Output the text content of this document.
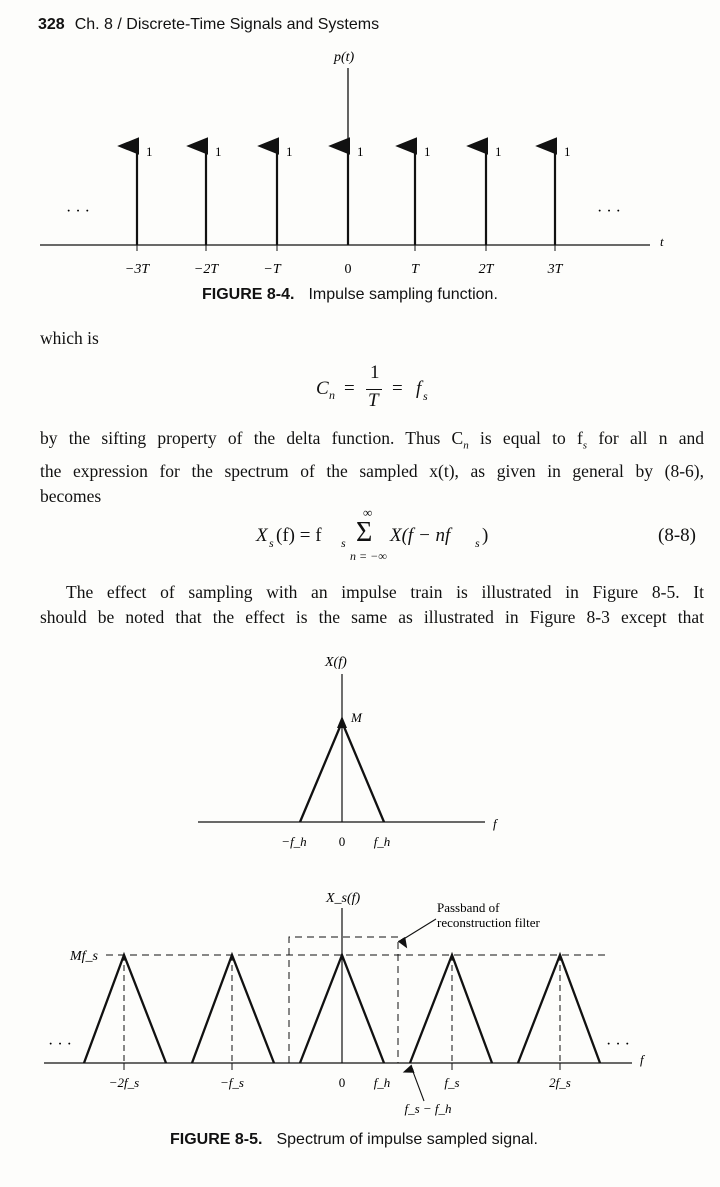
328 Ch. 8 / Discrete-Time Signals and Systems
t
p(t)
· · ·	· · ·
1	1	1	1	1	1	1
−3T	−2T	−T	0	T	2T	3T
FIGURE 8-4. Impulse sampling function.
which is
C n =
1
T
= f s
by the sifting property of the delta function. Thus $C_n$ is equal to $f_s$ for all n and
the expression for the spectrum of the sampled x(t), as given in general by (8-6),
becomes
X s (f) = f s
∞
Σ
n = −∞
X(f − nf s )	(8-8)
The effect of sampling with an impulse train is illustrated in Figure 8-5. It
should be noted that the effect is the same as illustrated in Figure 8-3 except that
X(f)
f
M
−f_h 0 f_h
X_s(f)
f
· · ·	· · ·
Mf_s
Passband of
reconstruction filter
−2f_s	−f_s	0 f_h	f_s	2f_s
f_s − f_h
FIGURE 8-5. Spectrum of impulse sampled signal.
